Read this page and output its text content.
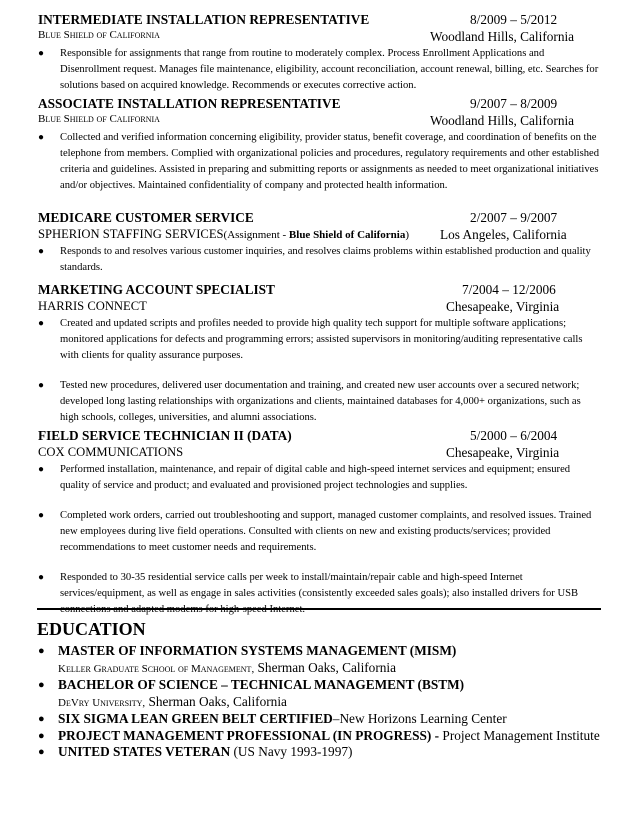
INTERMEDIATE INSTALLATION REPRESENTATIVE	8/2009 – 5/2012
Blue Shield of California	Woodland Hills, California
● Responsible for assignments that range from routine to moderately complex. Process Enrollment Applications and Disenrollment request. Manages file maintenance, eligibility, account reconciliation, account renewal, billing, etc. Searches for solutions based on acquired knowledge. Recommends or executes corrective action.
ASSOCIATE INSTALLATION REPRESENTATIVE	9/2007 – 8/2009
Blue Shield of California	Woodland Hills, California
● Collected and verified information concerning eligibility, provider status, benefit coverage, and coordination of benefits on the telephone from members. Complied with organizational policies and procedures, regulatory requirements and other established criteria and guidelines. Assisted in preparing and submitting reports or assignments as needed to meet organizational initiatives and/or objectives. Maintained confidentiality of company and protected health information.
MEDICARE CUSTOMER SERVICE	2/2007 – 9/2007
SPHERION STAFFING SERVICES(Assignment - Blue Shield of California) Los Angeles, California
● Responds to and resolves various customer inquiries, and resolves claims problems within established production and quality standards.
MARKETING ACCOUNT SPECIALIST	7/2004 – 12/2006
HARRIS CONNECT	Chesapeake, Virginia
● Created and updated scripts and profiles needed to provide high quality tech support for multiple software applications; monitored applications for defects and programming errors; assisted supervisors in monitoring/auditing representative calls with clients for quality assurance purposes.
● Tested new procedures, delivered user documentation and training, and created new user accounts over a secured network; developed long lasting relationships with organizations and clients, maintained databases for 4,000+ organizations, such as high schools, colleges, universities, and alumni associations.
FIELD SERVICE TECHNICIAN II (DATA)	5/2000 – 6/2004
COX COMMUNICATIONS	Chesapeake, Virginia
● Performed installation, maintenance, and repair of digital cable and high-speed internet services and equipment; ensured quality of service and product; and evaluated and provisioned project technologies and supplies.
● Completed work orders, carried out troubleshooting and support, managed customer complaints, and resolved issues. Trained new employees during live field operations. Consulted with clients on new and existing products/services; provided recommendations to meet customer needs and requirements.
● Responded to 30-35 residential service calls per week to install/maintain/repair cable and high-speed Internet services/equipment, as well as engage in sales activities (consistently exceeded sales goals); also installed drivers for USB connections and adapted modems for high-speed Internet.
EDUCATION
● MASTER OF INFORMATION SYSTEMS MANAGEMENT (MISM)
Keller Graduate School of Management, Sherman Oaks, California
● BACHELOR OF SCIENCE – TECHNICAL MANAGEMENT (BSTM)
DeVry University, Sherman Oaks, California
● SIX SIGMA LEAN GREEN BELT CERTIFIED–New Horizons Learning Center
● PROJECT MANAGEMENT PROFESSIONAL (IN PROGRESS) - Project Management Institute
● UNITED STATES VETERAN (US Navy 1993-1997)
